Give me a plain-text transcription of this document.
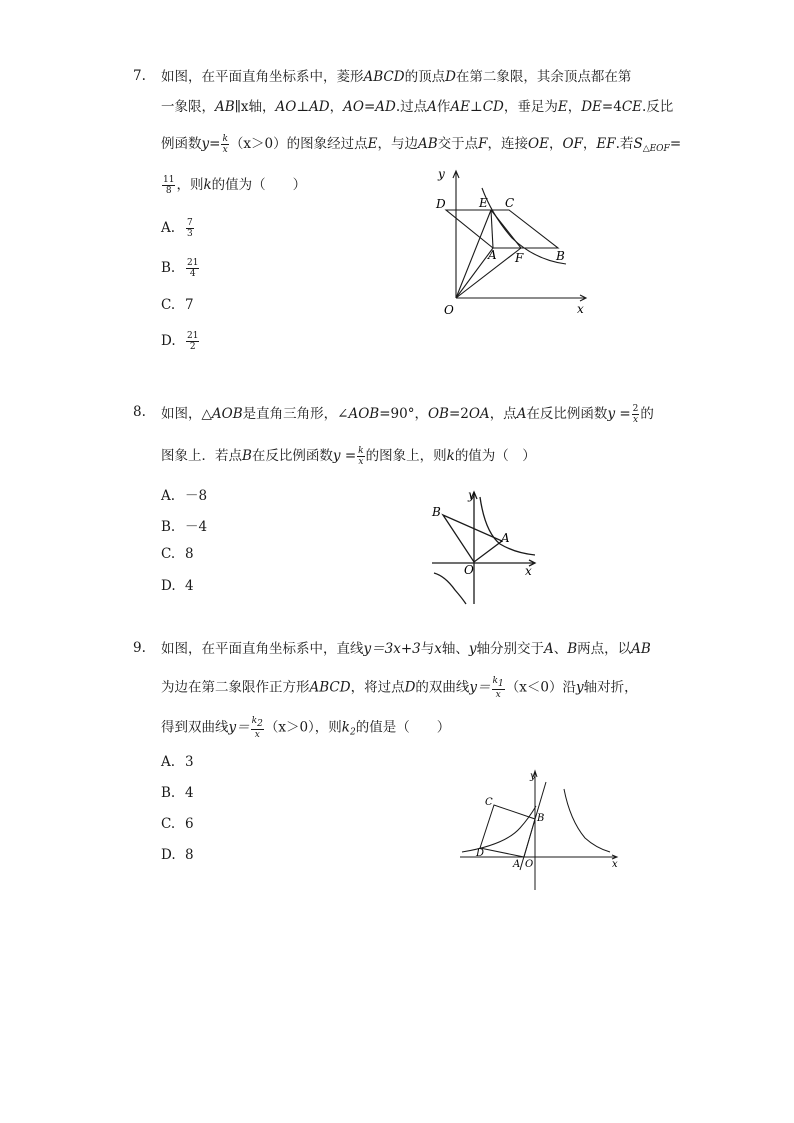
7. 如图，在平面直角坐标系中，菱形ABCD的顶点D在第二象限，其余顶点都在第
一象限，AB∥x轴，AO⊥AD，AO=AD.过点A作AE⊥CD，垂足为E，DE=4CE.反比
例函数$y= \frac{k}{x} (x>0)$的图象经过点E，与边AB交于点F，连接OE，OF，EF.若$S_{\triangle EOF}=$
$\frac{11}{8}$ ，则k的值为（　　）
A. $\frac{7}{3}$
B. $\frac{21}{4}$
C. 7
D. $\frac{21}{2}$
y
x
O
D	E C
A F	B
8. 如图，△AOB是直角三角形，∠AOB=90°，OB=2OA，点A在反比例函数$y = \frac{2}{x}$ 的
图象上．若点B在反比例函数$y = \frac{k}{x}$ 的图象上，则k的值为（　）
A. －8
B. －4
C. 8
D. 4
y
x
O
B
A
9. 如图，在平面直角坐标系中，直线y＝3x+3与x轴、y轴分别交于A、B两点，以AB
为边在第二象限作正方形ABCD，将过点D的双曲线$y= \frac{k1}{x} (x<0)$沿y轴对折，
得到双曲线$y= \frac{k2}{x} (x>0)$，则$k_2$的值是（　　）
A. 3
B. 4
C. 6
D. 8
y
x
O
C
B
D
A
